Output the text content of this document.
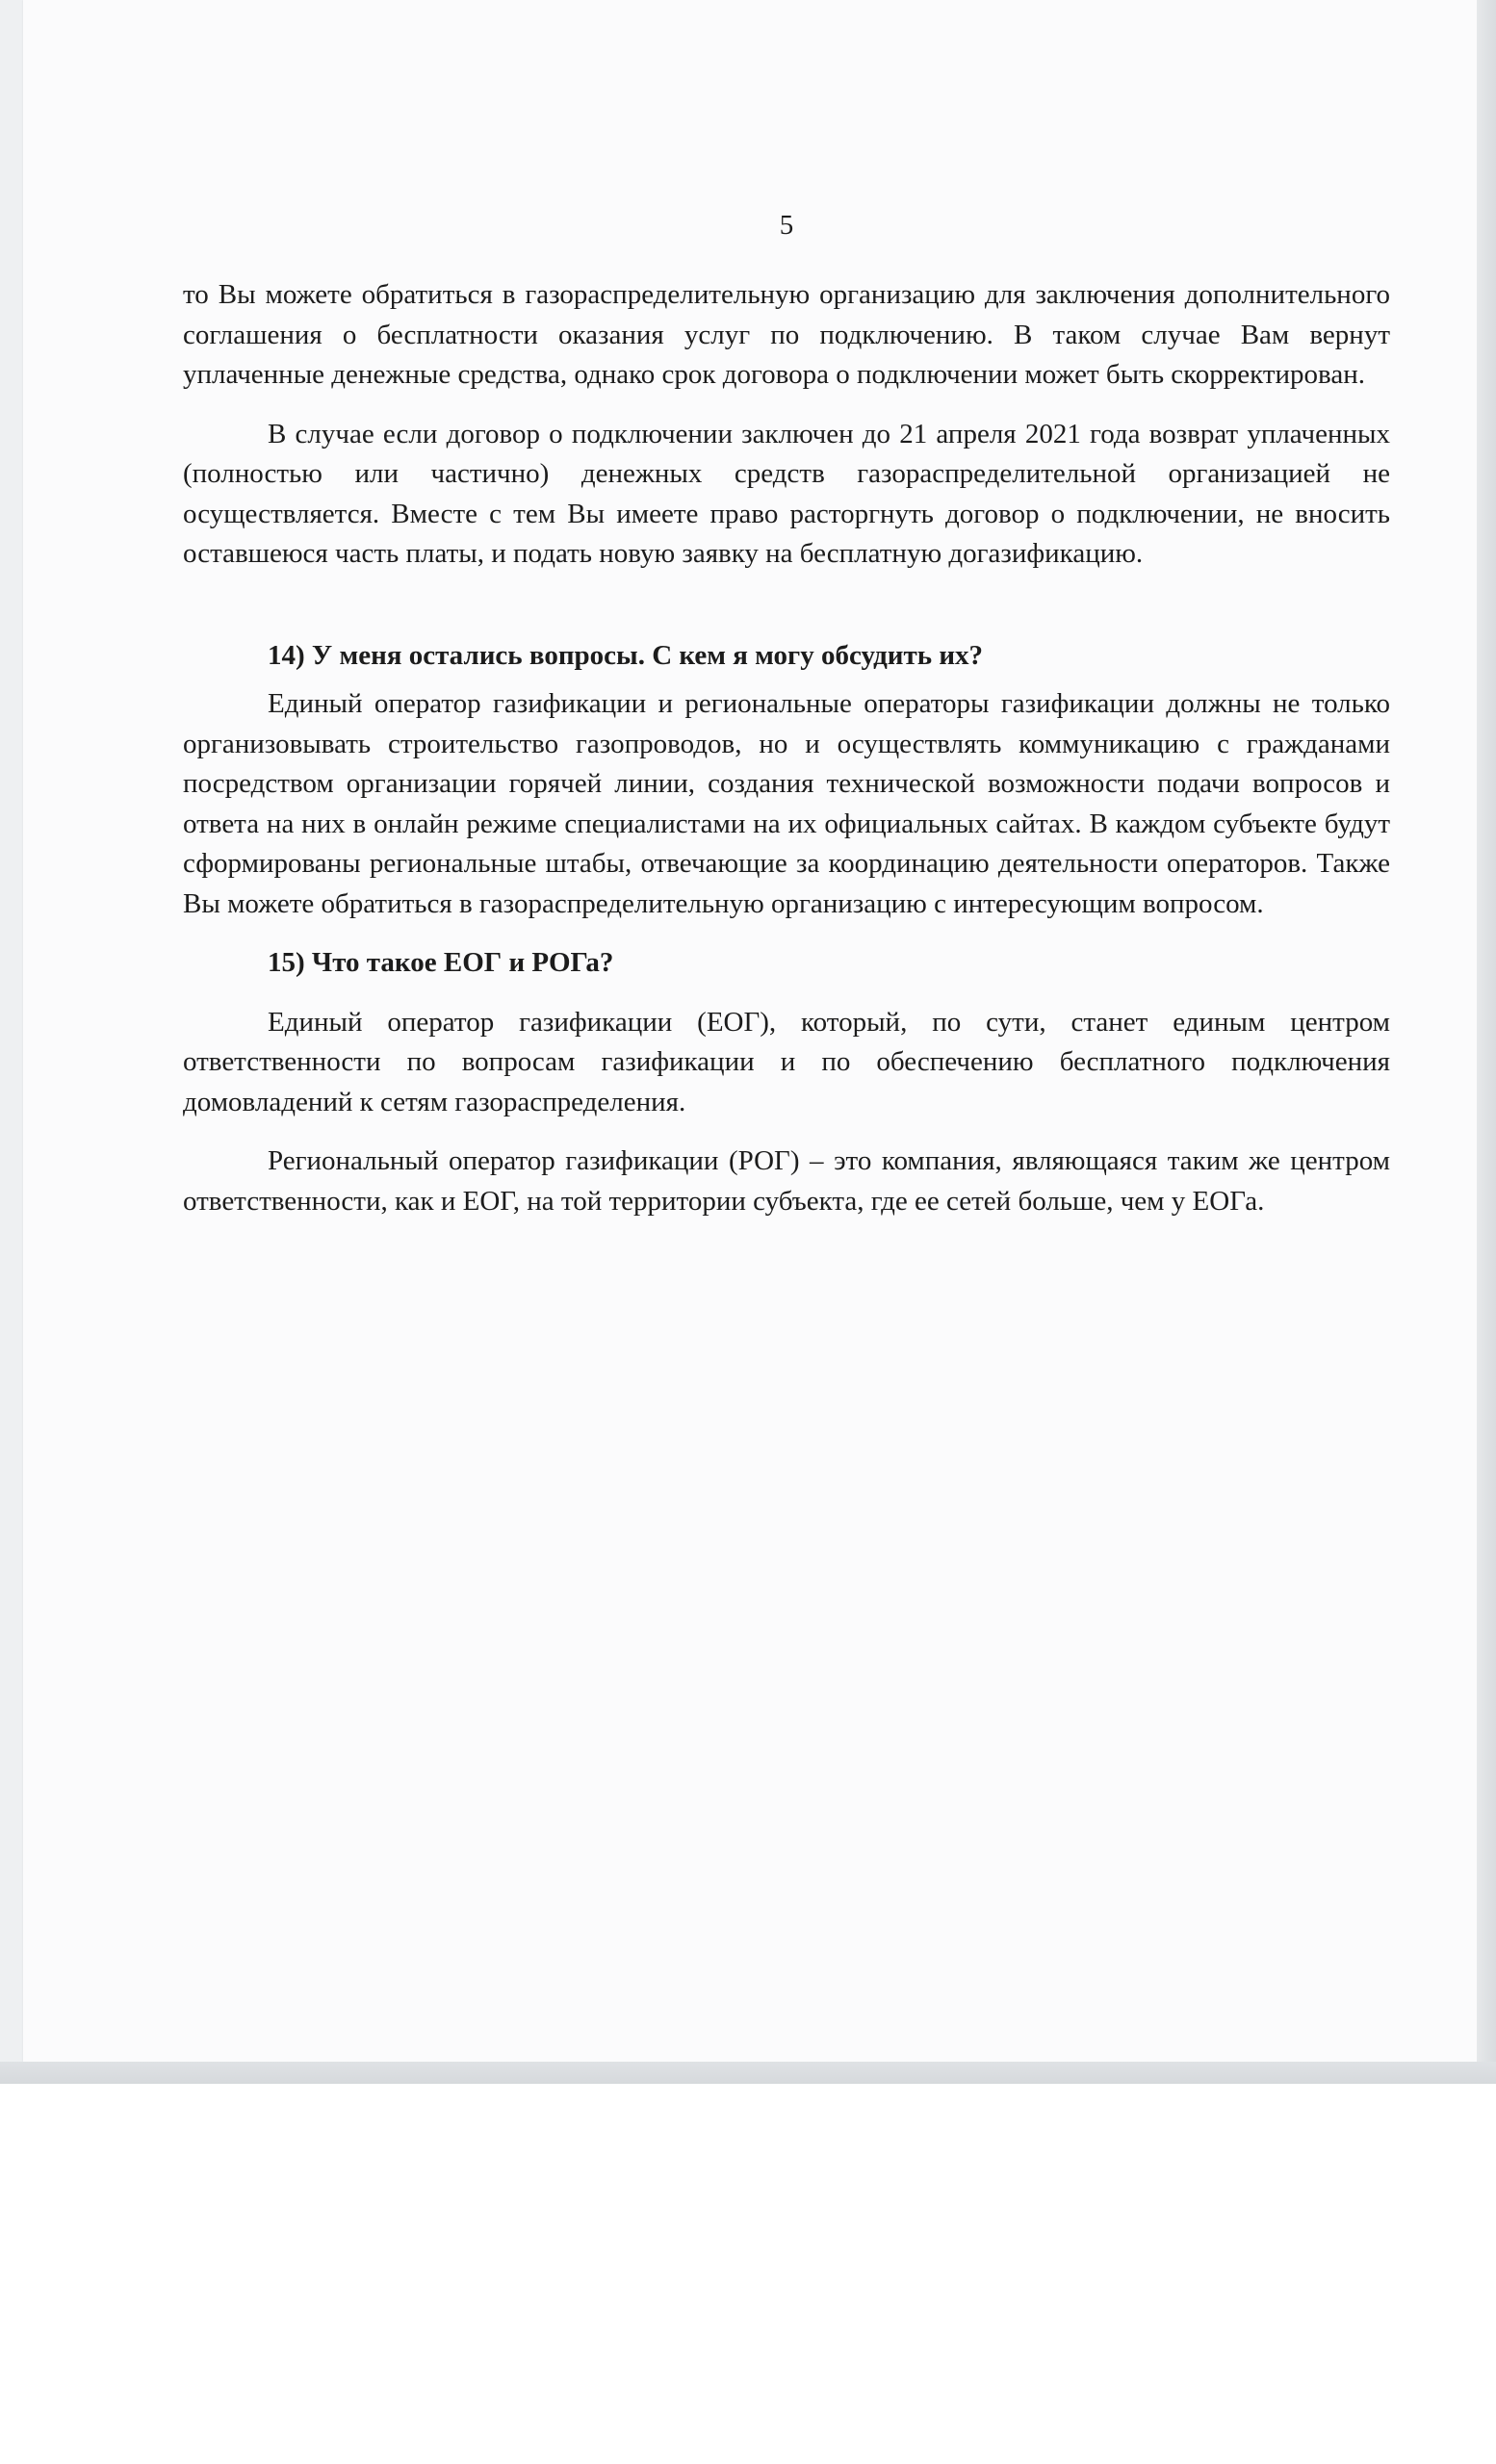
5

то Вы можете обратиться в газораспределительную организацию для заключения дополнительного соглашения о бесплатности оказания услуг по подключению. В таком случае Вам вернут уплаченные денежные средства, однако срок договора о подключении может быть скорректирован.

В случае если договор о подключении заключен до 21 апреля 2021 года возврат уплаченных (полностью или частично) денежных средств газораспределительной организацией не осуществляется. Вместе с тем Вы имеете право расторгнуть договор о подключении, не вносить оставшеюся часть платы, и подать новую заявку на бесплатную догазификацию.

14) У меня остались вопросы. С кем я могу обсудить их?

Единый оператор газификации и региональные операторы газификации должны не только организовывать строительство газопроводов, но и осуществлять коммуникацию с гражданами посредством организации горячей линии, создания технической возможности подачи вопросов и ответа на них в онлайн режиме специалистами на их официальных сайтах. В каждом субъекте будут сформированы региональные штабы, отвечающие за координацию деятельности операторов. Также Вы можете обратиться в газораспределительную организацию с интересующим вопросом.

15) Что такое ЕОГ и РОГа?

Единый оператор газификации (ЕОГ), который, по сути, станет единым центром ответственности по вопросам газификации и по обеспечению бесплатного подключения домовладений к сетям газораспределения.

Региональный оператор газификации (РОГ) – это компания, являющаяся таким же центром ответственности, как и ЕОГ, на той территории субъекта, где ее сетей больше, чем у ЕОГа.
